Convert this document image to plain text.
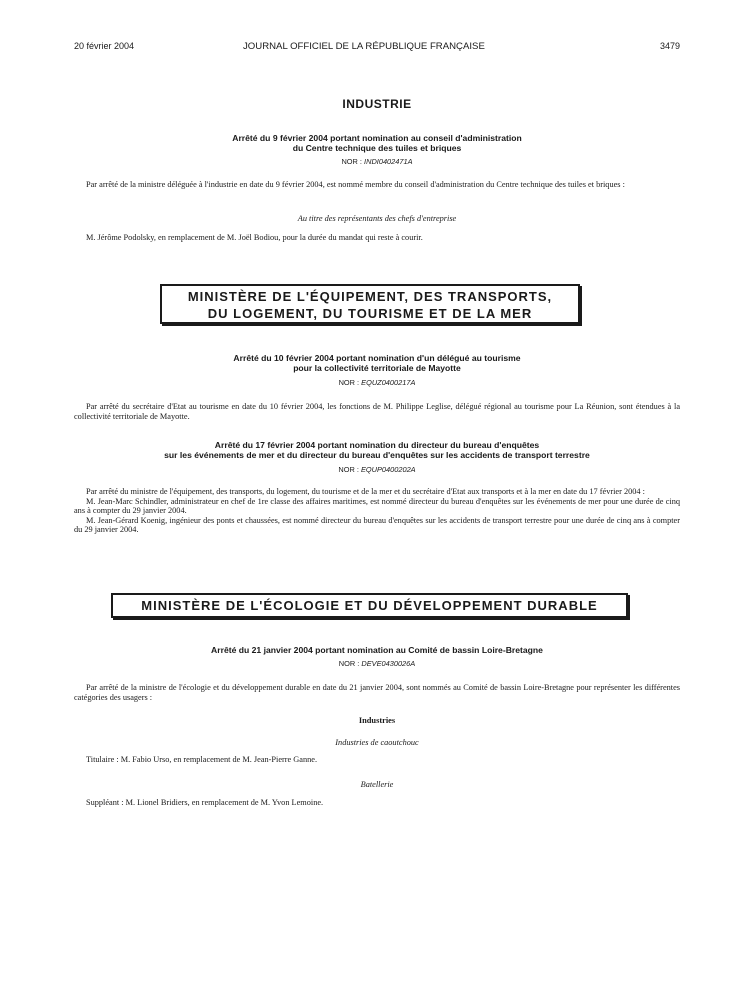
20 février 2004	JOURNAL OFFICIEL DE LA RÉPUBLIQUE FRANÇAISE	3479
INDUSTRIE
Arrêté du 9 février 2004 portant nomination au conseil d'administration
du Centre technique des tuiles et briques
NOR : INDI0402471A
Par arrêté de la ministre déléguée à l'industrie en date du 9 février 2004, est nommé membre du conseil d'administration du Centre technique des tuiles et briques :
Au titre des représentants des chefs d'entreprise
M. Jérôme Podolsky, en remplacement de M. Joël Bodiou, pour la durée du mandat qui reste à courir.
MINISTÈRE DE L'ÉQUIPEMENT, DES TRANSPORTS,
DU LOGEMENT, DU TOURISME ET DE LA MER
Arrêté du 10 février 2004 portant nomination d'un délégué au tourisme
pour la collectivité territoriale de Mayotte
NOR : EQUZ0400217A
Par arrêté du secrétaire d'Etat au tourisme en date du 10 février 2004, les fonctions de M. Philippe Leglise, délégué régional au tourisme pour La Réunion, sont étendues à la collectivité territoriale de Mayotte.
Arrêté du 17 février 2004 portant nomination du directeur du bureau d'enquêtes
sur les événements de mer et du directeur du bureau d'enquêtes sur les accidents de transport terrestre
NOR : EQUP0400202A

Par arrêté du ministre de l'équipement, des transports, du logement, du tourisme et de la mer et du secrétaire d'Etat aux transports et à la mer en date du 17 février 2004 :

M. Jean-Marc Schindler, administrateur en chef de 1re classe des affaires maritimes, est nommé directeur du bureau d'enquêtes sur les événements de mer pour une durée de cinq ans à compter du 29 janvier 2004.

M. Jean-Gérard Koenig, ingénieur des ponts et chaussées, est nommé directeur du bureau d'enquêtes sur les accidents de transport terrestre pour une durée de cinq ans à compter du 29 janvier 2004.

MINISTÈRE DE L'ÉCOLOGIE ET DU DÉVELOPPEMENT DURABLE
Arrêté du 21 janvier 2004 portant nomination au Comité de bassin Loire-Bretagne
NOR : DEVE0430026A
Par arrêté de la ministre de l'écologie et du développement durable en date du 21 janvier 2004, sont nommés au Comité de bassin Loire-Bretagne pour représenter les différentes catégories des usagers :
Industries
Industries de caoutchouc
Titulaire : M. Fabio Urso, en remplacement de M. Jean-Pierre Ganne.
Batellerie
Suppléant : M. Lionel Bridiers, en remplacement de M. Yvon Lemoine.
